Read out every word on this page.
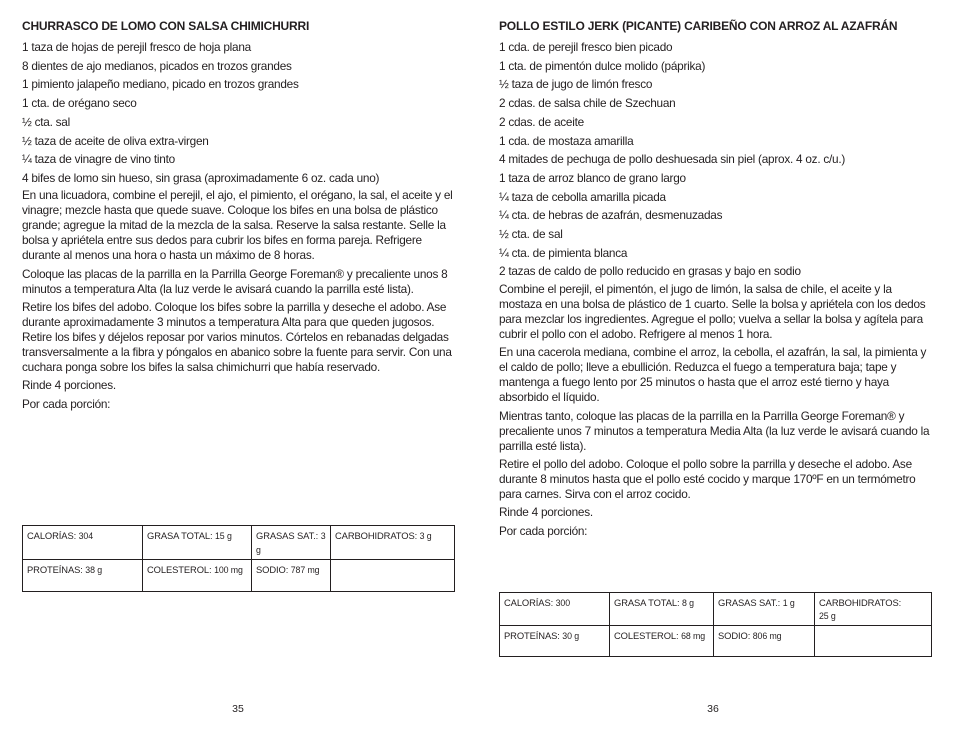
CHURRASCO DE LOMO CON SALSA CHIMICHURRI
1 taza de hojas de perejil fresco de hoja plana
8 dientes de ajo medianos, picados en trozos grandes
1 pimiento jalapeño mediano, picado en trozos grandes
1 cta. de orégano seco
½ cta. sal
½ taza de aceite de oliva extra-virgen
¼ taza de vinagre de vino tinto
4 bifes de lomo sin hueso, sin grasa (aproximadamente 6 oz. cada uno)
En una licuadora, combine el perejil, el ajo, el pimiento, el orégano, la sal, el aceite y el vinagre; mezcle hasta que quede suave. Coloque los bifes en una bolsa de plástico grande; agregue la mitad de la mezcla de la salsa. Reserve la salsa restante. Selle la bolsa y apriétela entre sus dedos para cubrir los bifes en forma pareja. Refrigere durante al menos una hora o hasta un máximo de 8 horas.
Coloque las placas de la parrilla en la Parrilla George Foreman® y precaliente unos 8 minutos a temperatura Alta (la luz verde le avisará cuando la parrilla esté lista).
Retire los bifes del adobo. Coloque los bifes sobre la parrilla y deseche el adobo. Ase durante aproximadamente 3 minutos a temperatura Alta para que queden jugosos. Retire los bifes y déjelos reposar por varios minutos. Córtelos en rebanadas delgadas transversalmente a la fibra y póngalos en abanico sobre la fuente para servir. Con una cuchara ponga sobre los bifes la salsa chimichurri que había reservado.
Rinde 4 porciones.
Por cada porción:
CALORÍAS: 304	GRASA TOTAL: 15 g	GRASAS SAT.: 3 g	CARBOHIDRATOS: 3 g
PROTEÍNAS: 38 g	COLESTEROL: 100 mg	SODIO: 787 mg	
35
POLLO ESTILO JERK (PICANTE) CARIBEÑO CON ARROZ AL AZAFRÁN
1 cda. de perejil fresco bien picado
1 cta. de pimentón dulce molido (páprika)
½ taza de jugo de limón fresco
2 cdas. de salsa chile de Szechuan
2 cdas. de aceite
1 cda. de mostaza amarilla
4 mitades de pechuga de pollo deshuesada sin piel (aprox. 4 oz. c/u.)
1 taza de arroz blanco de grano largo
¼ taza de cebolla amarilla picada
¼ cta. de hebras de azafrán, desmenuzadas
½ cta. de sal
¼ cta. de pimienta blanca
2 tazas de caldo de pollo reducido en grasas y bajo en sodio
Combine el perejil, el pimentón, el jugo de limón, la salsa de chile, el aceite y la mostaza en una bolsa de plástico de 1 cuarto. Selle la bolsa y apriétela con los dedos para mezclar los ingredientes. Agregue el pollo; vuelva a sellar la bolsa y agítela para cubrir el pollo con el adobo. Refrigere al menos 1 hora.
En una cacerola mediana, combine el arroz, la cebolla, el azafrán, la sal, la pimienta y el caldo de pollo; lleve a ebullición. Reduzca el fuego a temperatura baja; tape y mantenga a fuego lento por 25 minutos o hasta que el arroz esté tierno y haya absorbido el líquido.
Mientras tanto, coloque las placas de la parrilla en la Parrilla George Foreman® y precaliente unos 7 minutos a temperatura Media Alta (la luz verde le avisará cuando la parrilla esté lista).
Retire el pollo del adobo. Coloque el pollo sobre la parrilla y deseche el adobo. Ase durante 8 minutos hasta que el pollo esté cocido y marque 170ºF en un termómetro para carnes. Sirva con el arroz cocido.
Rinde 4 porciones.
Por cada porción:
CALORÍAS: 300	GRASA TOTAL: 8 g	GRASAS SAT.: 1 g	CARBOHIDRATOS:
25 g
PROTEÍNAS: 30 g	COLESTEROL: 68 mg	SODIO: 806 mg	
36
